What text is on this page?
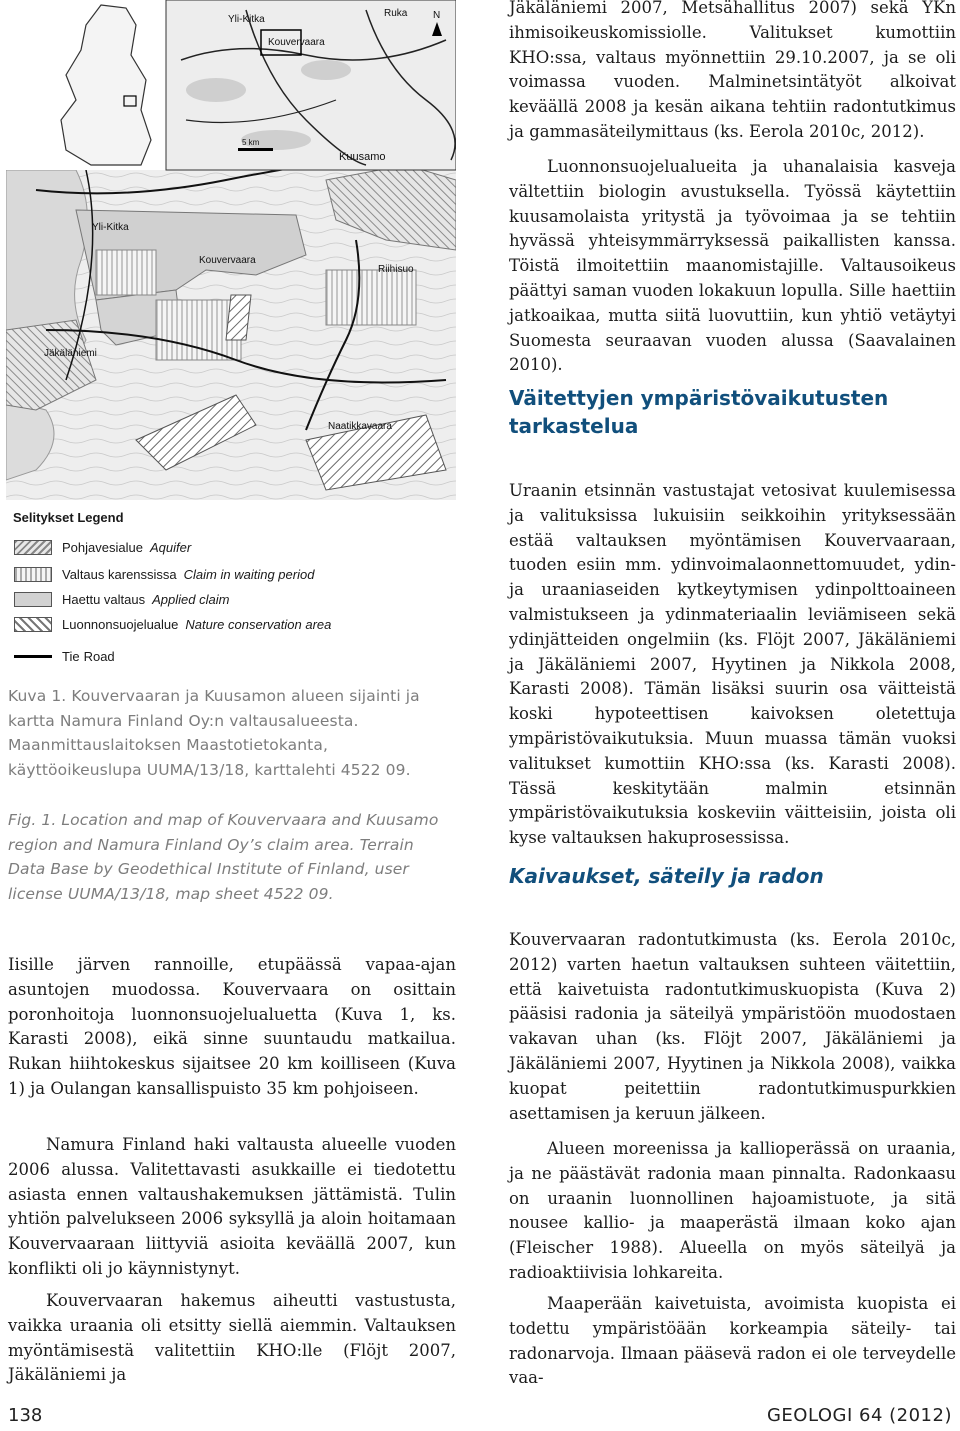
Yli-Kitka
Ruka
Kouvervaara
5 km
Kuusamo
N
Yli-Kitka
Kouvervaara
Riihisuo
Jäkäläniemi
Naatikkavaara
Selitykset Legend
Pohjavesialue Aquifer
Valtaus karenssissa Claim in waiting period
Haettu valtaus Applied claim
Luonnonsuojelualue Nature conservation area
Tie Road
Kuva 1. Kouvervaaran ja Kuusamon alueen sijainti ja kartta Namura Finland Oy:n valtausalueesta. Maanmittauslaitoksen Maastotietokanta, käyttöoikeuslupa UUMA/13/18, karttalehti 4522 09.
Fig. 1. Location and map of Kouvervaara and Kuusamo region and Namura Finland Oy’s claim area. Terrain Data Base by Geodethical Institute of Finland, user license UUMA/13/18, map sheet 4522 09.

Iisille järven rannoille, etupäässä vapaa-ajan asuntojen muodossa. Kouvervaara on osittain poronhoitoja luonnonsuojelualuetta (Kuva 1, ks. Karasti 2008), eikä sinne suuntaudu matkailua. Rukan hiihtokeskus sijaitsee 20 km koilliseen (Kuva 1) ja Oulangan kansallispuisto 35 km pohjoiseen.

Namura Finland haki valtausta alueelle vuoden 2006 alussa. Valitettavasti asukkaille ei tiedotettu asiasta ennen valtaushakemuksen jättämistä. Tulin yhtiön palvelukseen 2006 syksyllä ja aloin hoitamaan Kouvervaaraan liittyviä asioita keväällä 2007, kun konflikti oli jo käynnistynyt.

Kouvervaaran hakemus aiheutti vastustusta, vaikka uraania oli etsitty siellä aiemmin. Valtauksen myöntämisestä valitettiin KHO:lle (Flöjt 2007, Jäkäläniemi ja

Jäkäläniemi 2007, Metsähallitus 2007) sekä YKn ihmisoikeuskomissiolle. Valitukset kumottiin KHO:ssa, valtaus myönnettiin 29.10.2007, ja se oli voimassa vuoden. Malminetsintätyöt alkoivat keväällä 2008 ja kesän aikana tehtiin radontutkimus ja gammasäteilymittaus (ks. Eerola 2010c, 2012).

Luonnonsuojelualueita ja uhanalaisia kasveja vältettiin biologin avustuksella. Työssä käytettiin kuusamolaista yritystä ja työvoimaa ja se tehtiin hyvässä yhteisymmärryksessä paikallisten kanssa. Töistä ilmoitettiin maanomistajille. Valtausoikeus päättyi saman vuoden lokakuun lopulla. Sille haettiin jatkoaikaa, mutta siitä luovuttiin, kun yhtiö vetäytyi Suomesta seuraavan vuoden alussa (Saavalainen 2010).

Väitettyjen ympäristövaikutusten tarkastelua

Uraanin etsinnän vastustajat vetosivat kuulemisessa ja valituksissa lukuisiin seikkoihin yrityksessään estää valtauksen myöntämisen Kouvervaaraan, tuoden esiin mm. ydinvoimalaonnettomuudet, ydin- ja uraaniaseiden kytkeytymisen ydinpolttoaineen valmistukseen ja ydinmateriaalin leviämiseen sekä ydinjätteiden ongelmiin (ks. Flöjt 2007, Jäkäläniemi ja Jäkäläniemi 2007, Hyytinen ja Nikkola 2008, Karasti 2008). Tämän lisäksi suurin osa väitteistä koski hypoteettisen kaivoksen oletettuja ympäristövaikutuksia. Muun muassa tämän vuoksi valitukset kumottiin KHO:ssa (ks. Karasti 2008). Tässä keskitytään malmin etsinnän ympäristövaikutuksia koskeviin väitteisiin, joista oli kyse valtauksen hakuprosessissa.

Kaivaukset, säteily ja radon

Kouvervaaran radontutkimusta (ks. Eerola 2010c, 2012) varten haetun valtauksen suhteen väitettiin, että kaivetuista radontutkimuskuopista (Kuva 2) pääsisi radonia ja säteilyä ympäristöön muodostaen vakavan uhan (ks. Flöjt 2007, Jäkäläniemi ja Jäkäläniemi 2007, Hyytinen ja Nikkola 2008), vaikka kuopat peitettiin radontutkimuspurkkien asettamisen ja keruun jälkeen.

Alueen moreenissa ja kallioperässä on uraania, ja ne päästävät radonia maan pinnalta. Radonkaasu on uraanin luonnollinen hajoamistuote, ja sitä nousee kallio- ja maaperästä ilmaan koko ajan (Fleischer 1988). Alueella on myös säteilyä ja radioaktiivisia lohkareita.

Maaperään kaivetuista, avoimista kuopista ei todettu ympäristöään korkeampia säteily- tai radonarvoja. Ilmaan pääsevä radon ei ole terveydelle vaa-

138	GEOLOGI 64 (2012)
